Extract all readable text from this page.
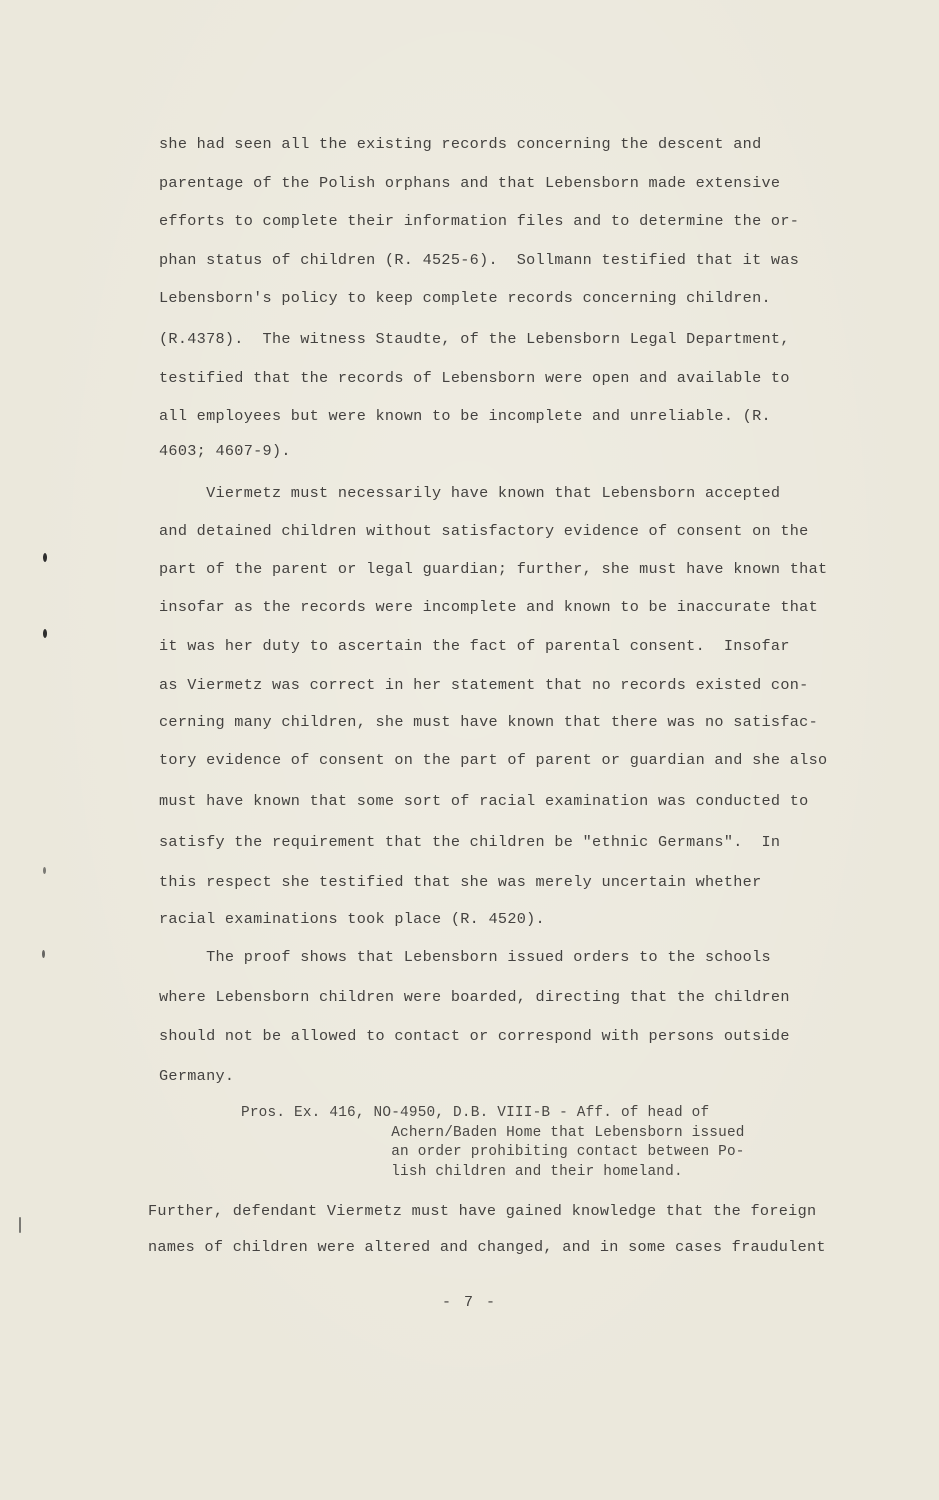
she had seen all the existing records concerning the descent and
parentage of the Polish orphans and that Lebensborn made extensive
efforts to complete their information files and to determine the or-
phan status of children (R. 4525-6).  Sollmann testified that it was
Lebensborn's policy to keep complete records concerning children.
(R.4378).  The witness Staudte, of the Lebensborn Legal Department,
testified that the records of Lebensborn were open and available to
all employees but were known to be incomplete and unreliable. (R.
4603; 4607-9).
Viermetz must necessarily have known that Lebensborn accepted
and detained children without satisfactory evidence of consent on the
part of the parent or legal guardian; further, she must have known that
insofar as the records were incomplete and known to be inaccurate that
it was her duty to ascertain the fact of parental consent.  Insofar
as Viermetz was correct in her statement that no records existed con-
cerning many children, she must have known that there was no satisfac-
tory evidence of consent on the part of parent or guardian and she also
must have known that some sort of racial examination was conducted to
satisfy the requirement that the children be "ethnic Germans".  In
this respect she testified that she was merely uncertain whether
racial examinations took place (R. 4520).
The proof shows that Lebensborn issued orders to the schools
where Lebensborn children were boarded, directing that the children
should not be allowed to contact or correspond with persons outside
Germany.
Pros. Ex. 416, NO-4950, D.B. VIII-B - Aff. of head of
Achern/Baden Home that Lebensborn issued
an order prohibiting contact between Po-
lish children and their homeland.
Further, defendant Viermetz must have gained knowledge that the foreign
names of children were altered and changed, and in some cases fraudulent
- 7 -
